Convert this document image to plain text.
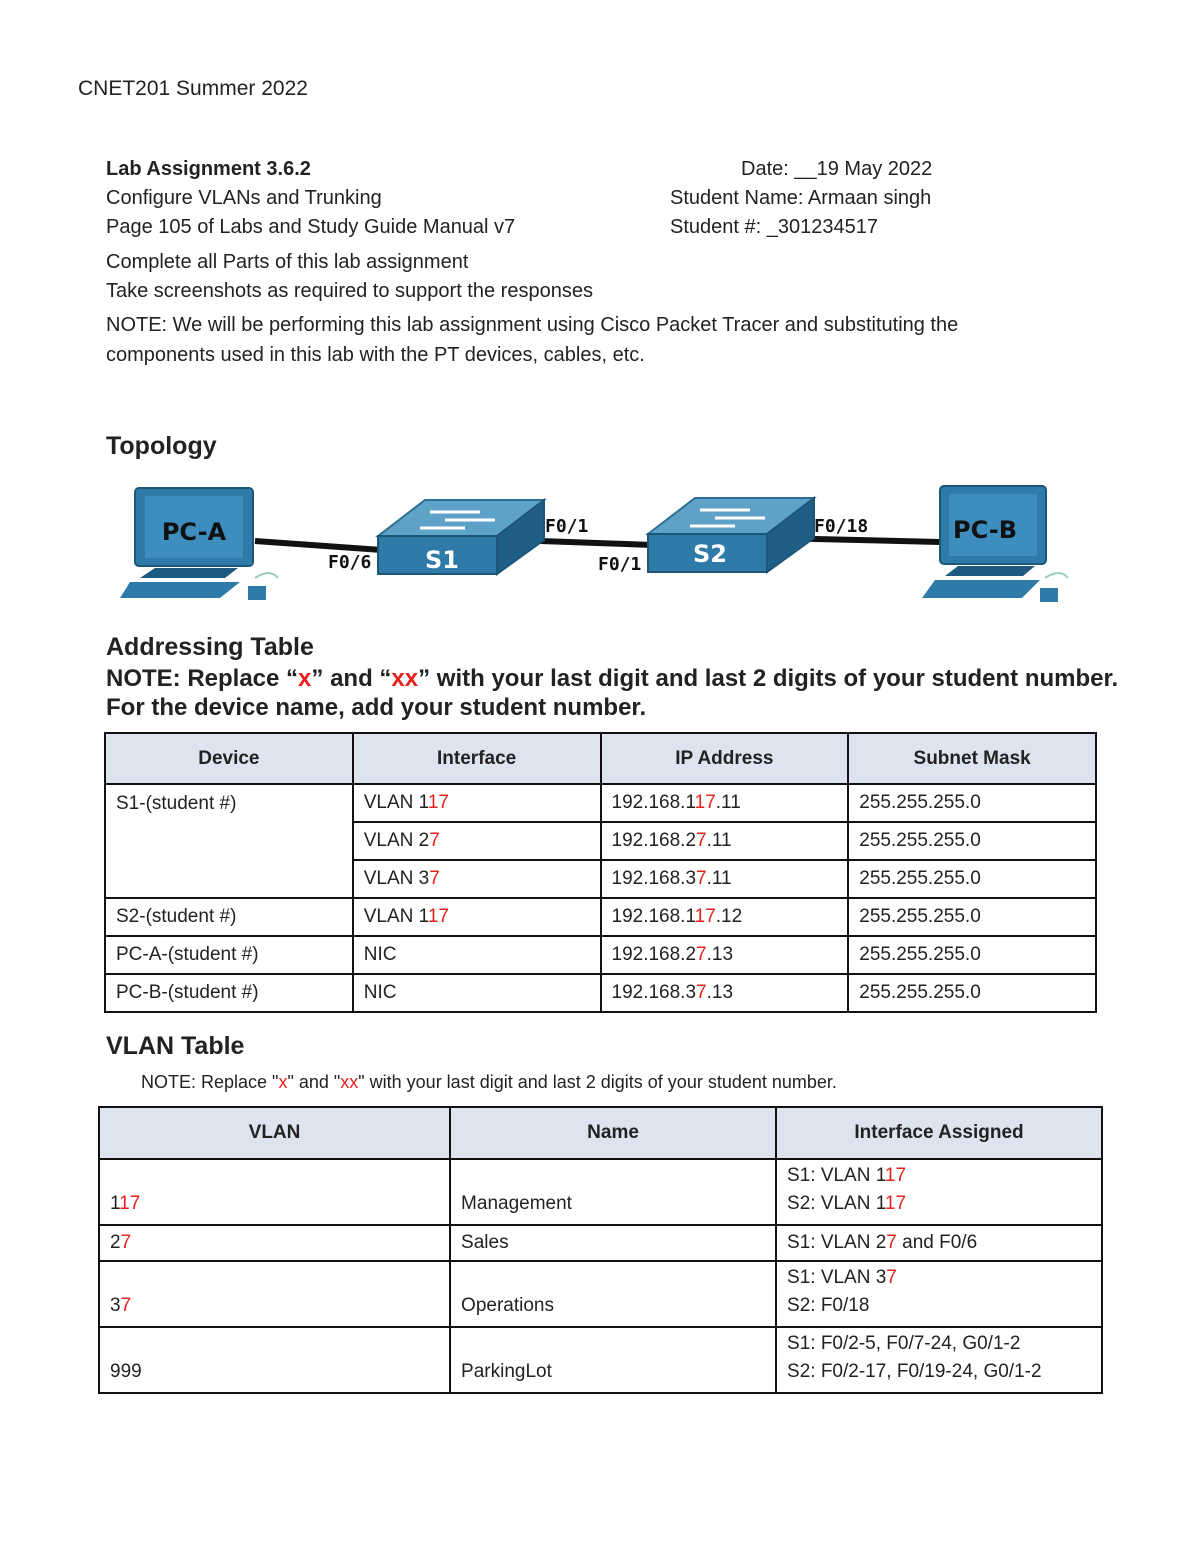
CNET201 Summer 2022
Lab Assignment 3.6.2
Configure VLANs and Trunking
Page 105 of Labs and Study Guide Manual v7
Date: __19 May 2022
Student Name: Armaan singh
Student #: _301234517
Complete all Parts of this lab assignment
Take screenshots as required to support the responses
NOTE: We will be performing this lab assignment using Cisco Packet Tracer and substituting the components used in this lab with the PT devices, cables, etc.
Topology
PC-A
S1	S2
PC-B
F0/6
F0/1
F0/1
F0/18
Addressing Table
NOTE: Replace “x” and “xx” with your last digit and last 2 digits of your student number.
For the device name, add your student number.
Device	Interface	IP Address	Subnet Mask
S1-(student #)	VLAN 117	192.168.117.11	255.255.255.0
	VLAN 27	192.168.27.11	255.255.255.0
	VLAN 37	192.168.37.11	255.255.255.0
S2-(student #)	VLAN 117	192.168.117.12	255.255.255.0
PC-A-(student #)	NIC	192.168.27.13	255.255.255.0
PC-B-(student #)	NIC	192.168.37.13	255.255.255.0
VLAN Table
NOTE: Replace "x" and "xx" with your last digit and last 2 digits of your student number.
VLAN	Name	Interface Assigned
117	Management	S1: VLAN 117
S2: VLAN 117

27	Sales	S1: VLAN 27 and F0/6
37	Operations	S1: VLAN 37
S2: F0/18

999	ParkingLot	S1: F0/2-5, F0/7-24, G0/1-2
S2: F0/2-17, F0/19-24, G0/1-2
